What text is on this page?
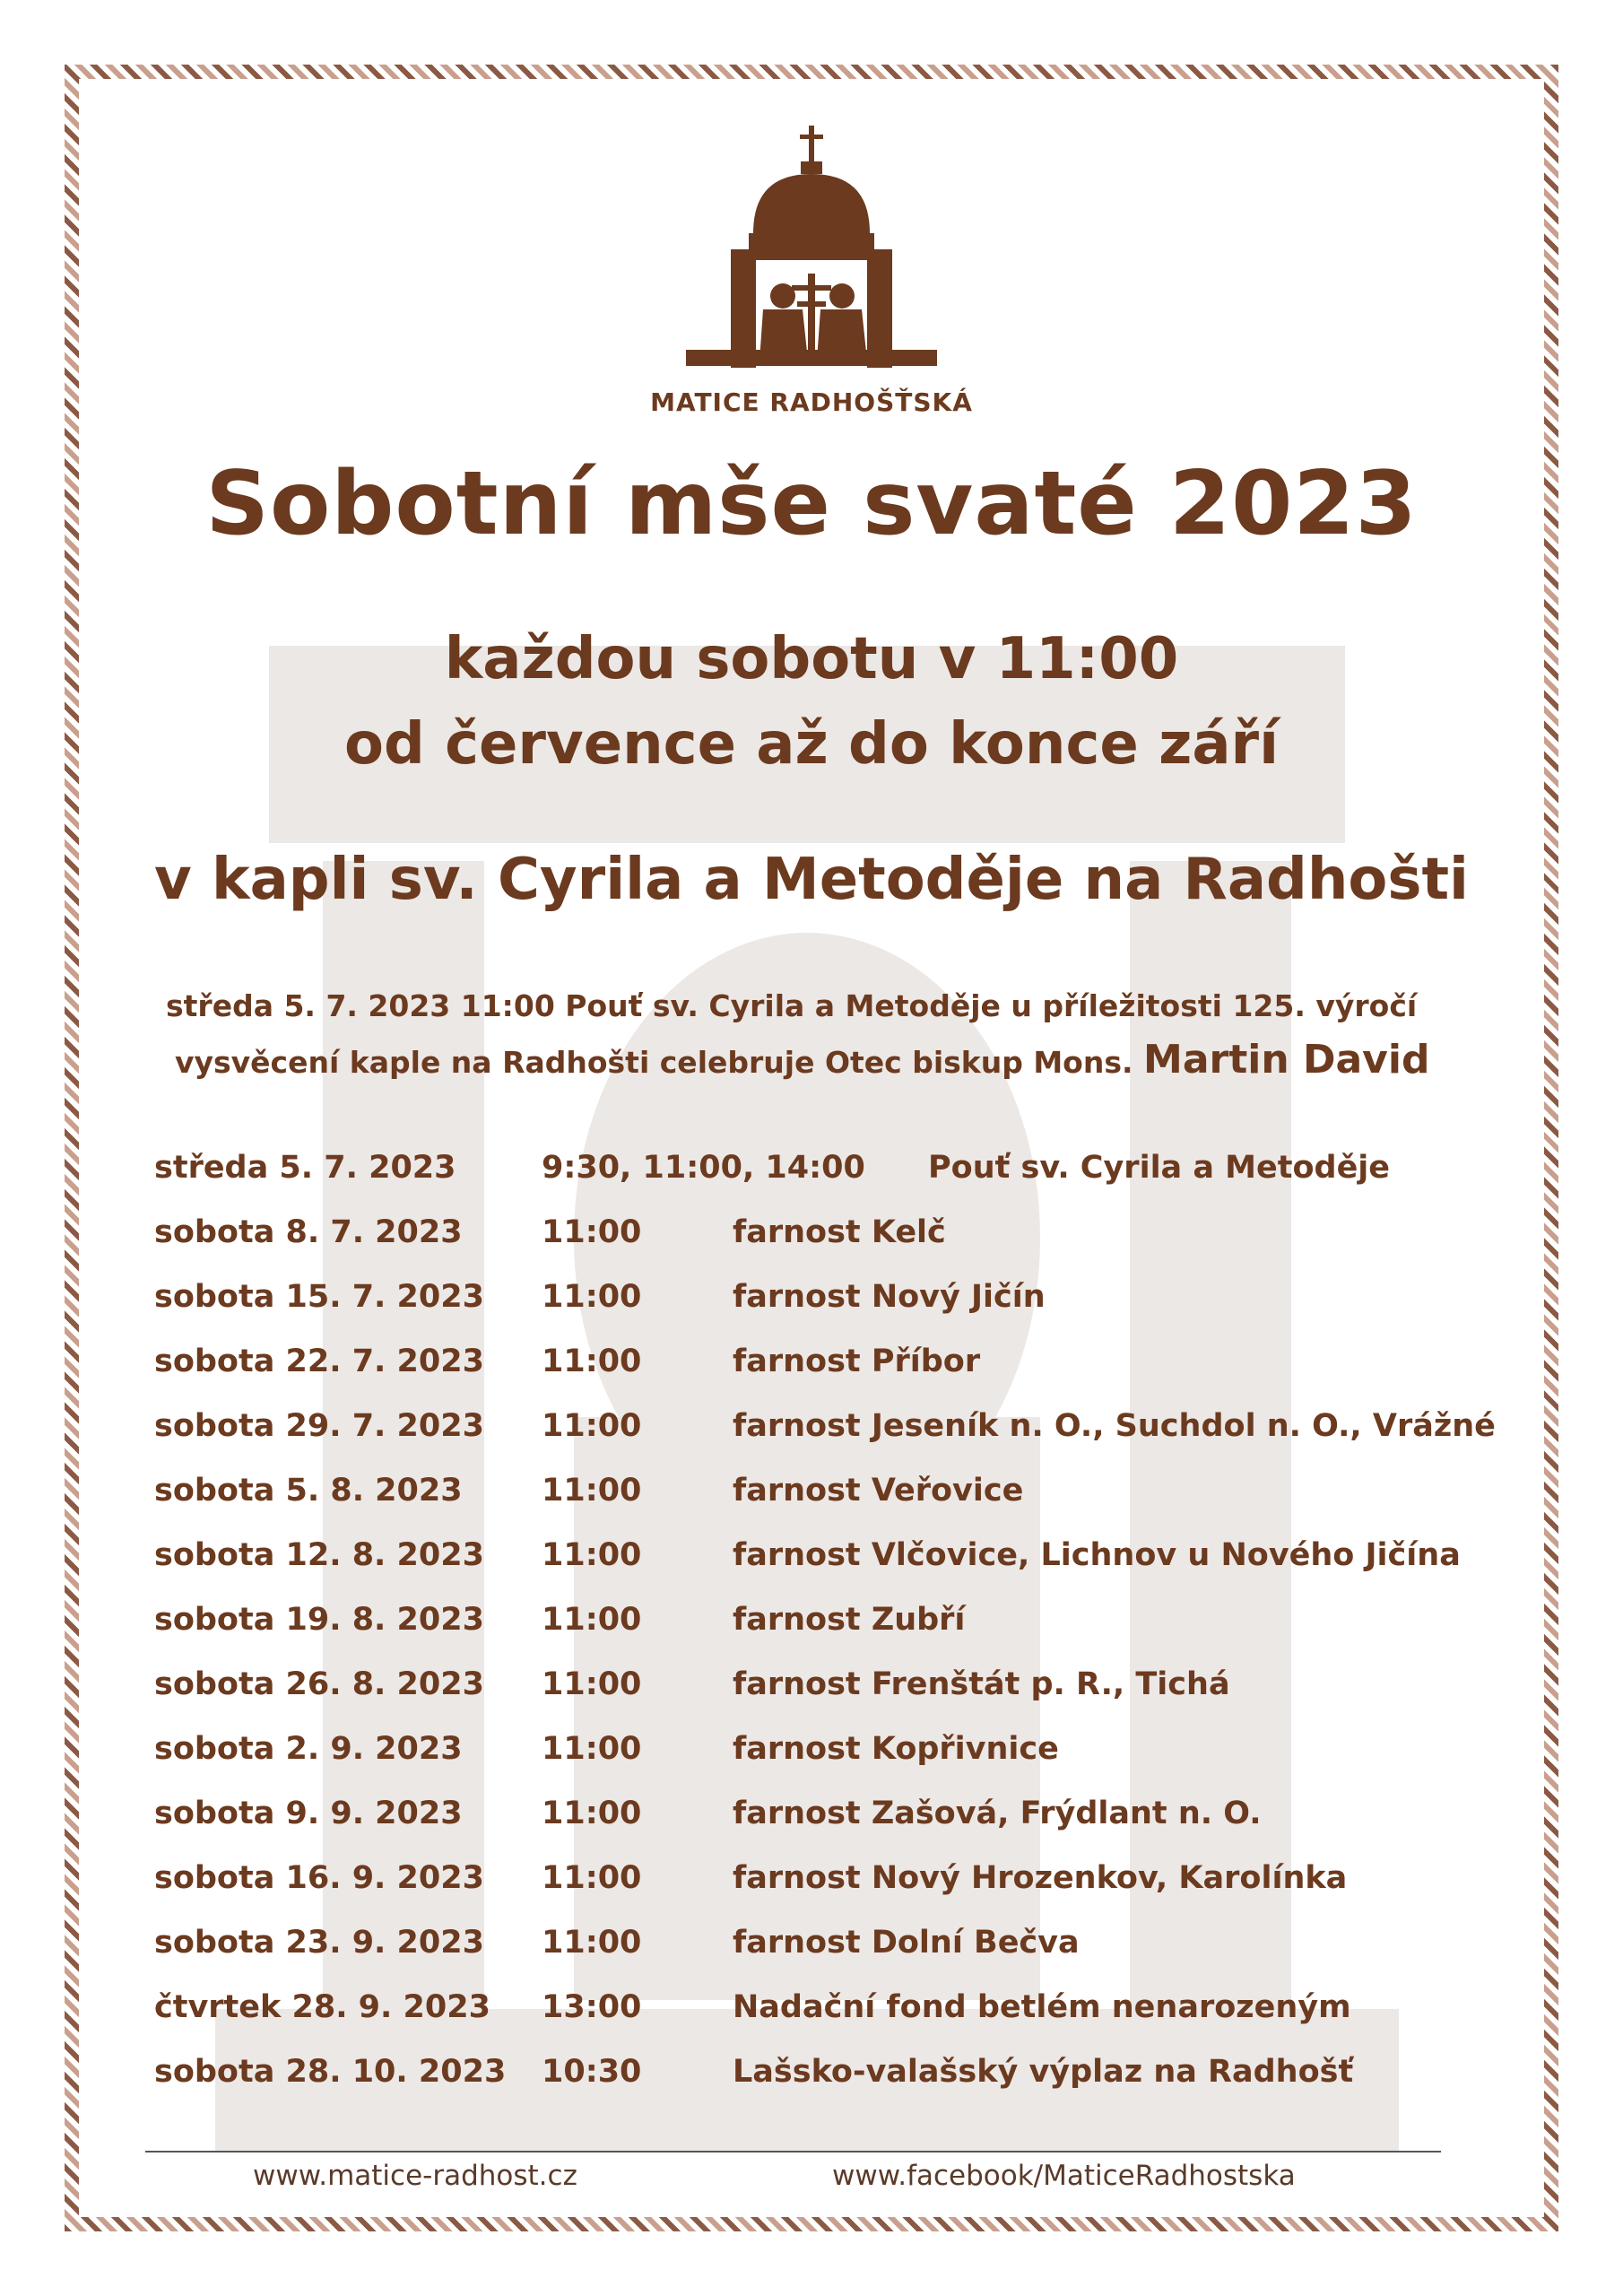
MATICE RADHOŠŤSKÁ
Sobotní mše svaté 2023
každou sobotu v 11:00
od července až do konce září
v kapli sv. Cyrila a Metoděje na Radhošti
středa 5. 7. 2023 11:00 Pouť sv. Cyrila a Metoděje u příležitosti 125. výročí
vysvěcení kaple na Radhošti celebruje Otec biskup Mons. Martin David
středa 5. 7. 2023	9:30, 11:00, 14:00 Pouť sv. Cyrila a Metoděje
sobota 8. 7. 2023	11:00	farnost Kelč
sobota 15. 7. 2023 11:00	farnost Nový Jičín
sobota 22. 7. 2023 11:00	farnost Příbor
sobota 29. 7. 2023 11:00	farnost Jeseník n. O., Suchdol n. O., Vrážné
sobota 5. 8. 2023	11:00	farnost Veřovice
sobota 12. 8. 2023 11:00	farnost Vlčovice, Lichnov u Nového Jičína
sobota 19. 8. 2023 11:00	farnost Zubří
sobota 26. 8. 2023 11:00	farnost Frenštát p. R., Tichá
sobota 2. 9. 2023	11:00	farnost Kopřivnice
sobota 9. 9. 2023	11:00	farnost Zašová, Frýdlant n. O.
sobota 16. 9. 2023 11:00	farnost Nový Hrozenkov, Karolínka
sobota 23. 9. 2023 11:00	farnost Dolní Bečva
čtvrtek 28. 9. 2023 13:00	Nadační fond betlém nenarozeným
sobota 28. 10. 2023 10:30	Lašsko-valašský výplaz na Radhošť
www.matice-radhost.cz	www.facebook/MaticeRadhostska
